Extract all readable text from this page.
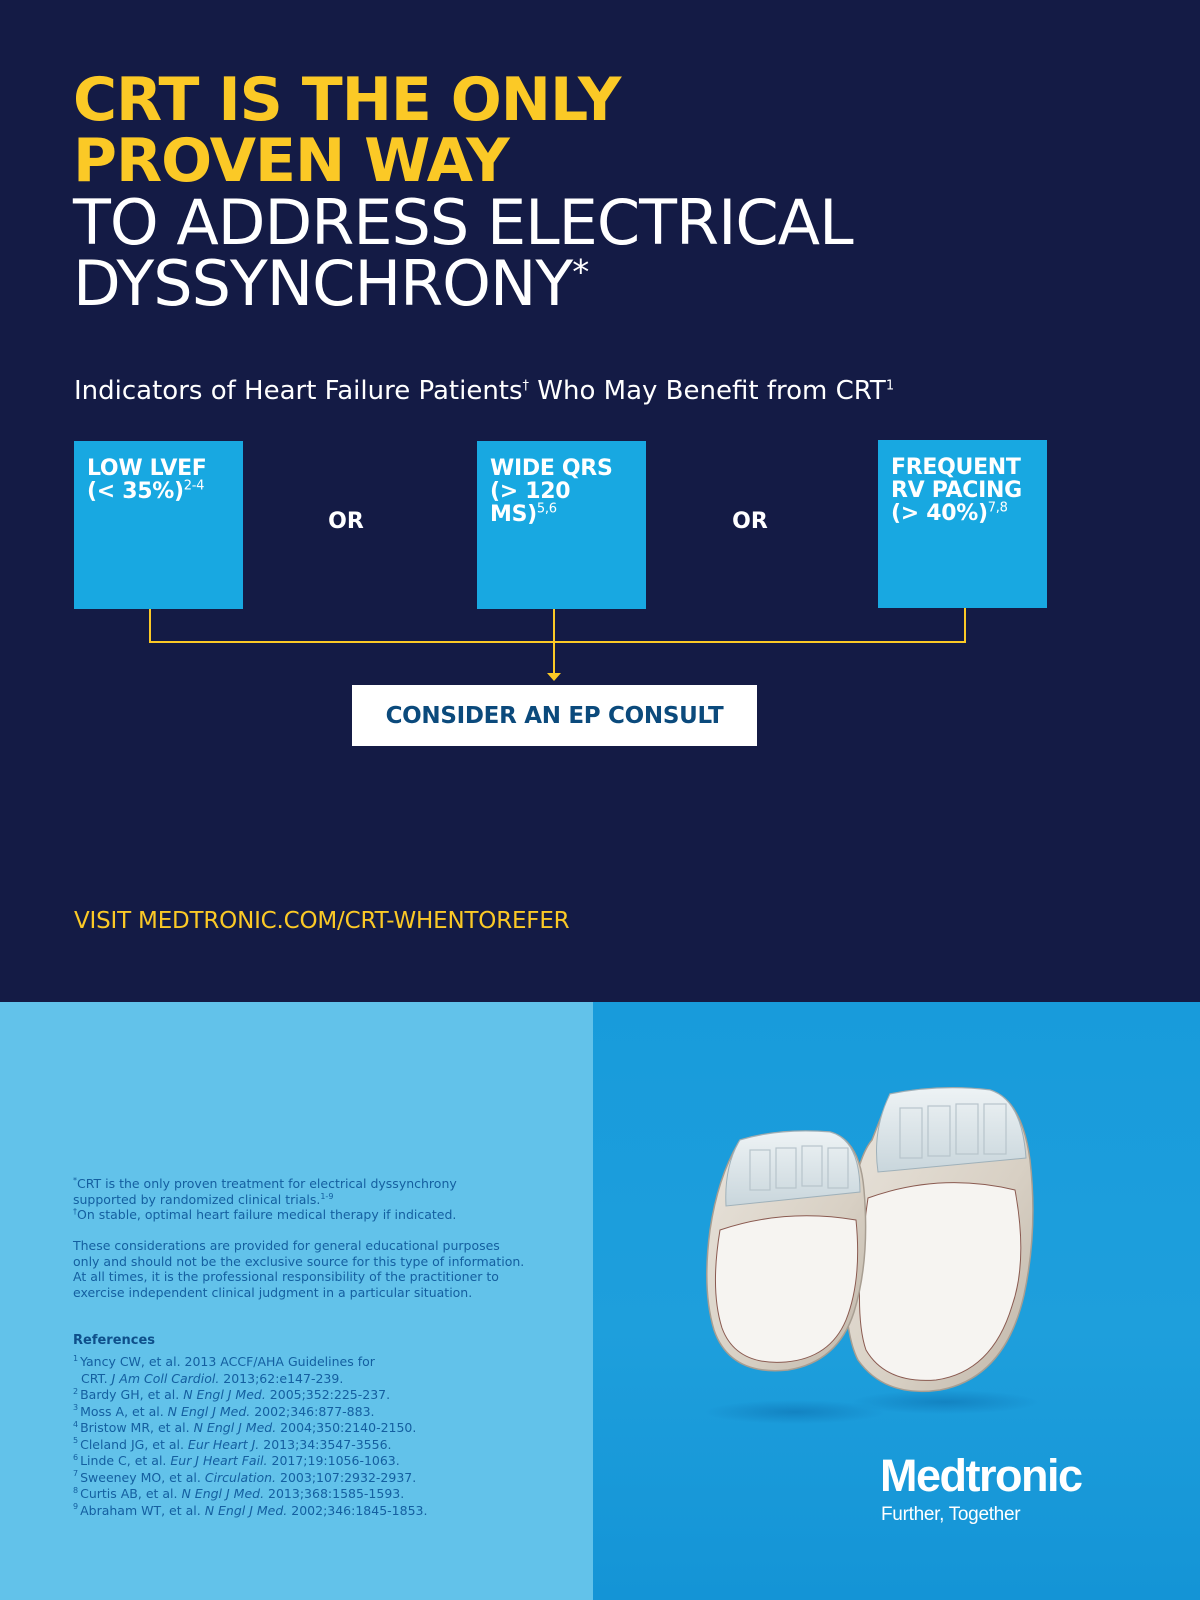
CRT IS THE ONLY
PROVEN WAY
TO ADDRESS ELECTRICAL
DYSSYNCHRONY*
Indicators of Heart Failure Patients† Who May Benefit from CRT$^1$
LOW LVEF
(< 35%)$^{2-4}$
OR
WIDE QRS
(> 120 MS)$^{5,6}$	OR
FREQUENT
RV PACING
(> 40%)$^{7,8}$
CONSIDER AN EP CONSULT
VISIT MEDTRONIC.COM/CRT-WHENTOREFER

*CRT is the only proven treatment for electrical dyssynchrony
supported by randomized clinical trials.$^{1-9}$

†On stable, optimal heart failure medical therapy if indicated.

These considerations are provided for general educational purposes
only and should not be the exclusive source for this type of information.
At all times, it is the professional responsibility of the practitioner to
exercise independent clinical judgment in a particular situation.

References
$^1$ Yancy CW, et al. 2013 ACCF/AHA Guidelines for
CRT. J Am Coll Cardiol. 2013;62:e147-239.
$^2$ Bardy GH, et al. N Engl J Med. 2005;352:225-237.
$^3$ Moss A, et al. N Engl J Med. 2002;346:877-883.
$^4$ Bristow MR, et al. N Engl J Med. 2004;350:2140-2150.
$^5$ Cleland JG, et al. Eur Heart J. 2013;34:3547-3556.
$^6$ Linde C, et al. Eur J Heart Fail. 2017;19:1056-1063.
$^7$ Sweeney MO, et al. Circulation. 2003;107:2932-2937.
$^8$ Curtis AB, et al. N Engl J Med. 2013;368:1585-1593.
$^9$ Abraham WT, et al. N Engl J Med. 2002;346:1845-1853.
Medtronic
Further, Together
